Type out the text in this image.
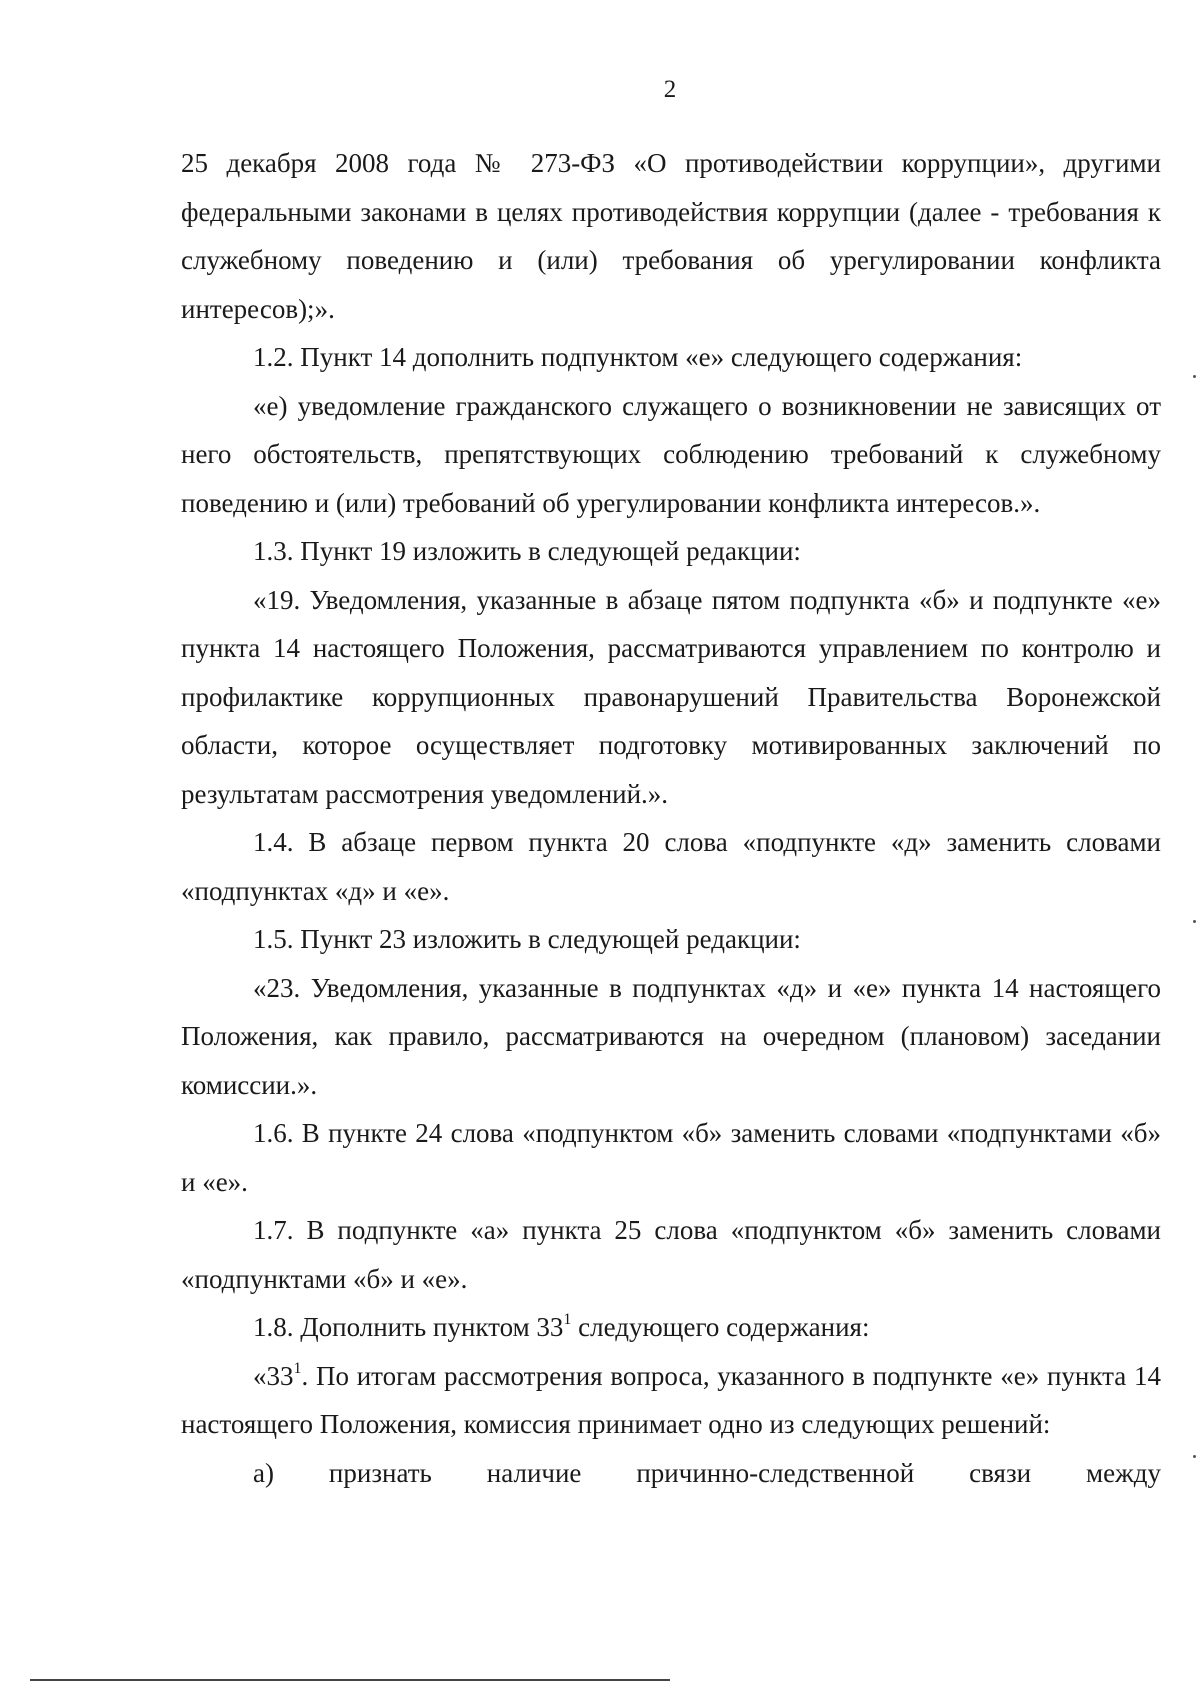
2

25 декабря 2008 года № 273-ФЗ «О противодействии коррупции», другими федеральными законами в целях противодействия коррупции (далее - требования к служебному поведению и (или) требования об урегулировании конфликта интересов);».

1.2. Пункт 14 дополнить подпунктом «е» следующего содержания:

«е) уведомление гражданского служащего о возникновении не зависящих от него обстоятельств, препятствующих соблюдению требований к служебному поведению и (или) требований об урегулировании конфликта интересов.».

1.3. Пункт 19 изложить в следующей редакции:

«19. Уведомления, указанные в абзаце пятом подпункта «б» и подпункте «е» пункта 14 настоящего Положения, рассматриваются управлением по контролю и профилактике коррупционных правонарушений Правительства Воронежской области, которое осуществляет подготовку мотивированных заключений по результатам рассмотрения уведомлений.».

1.4. В абзаце первом пункта 20 слова «подпункте «д» заменить словами «подпунктах «д» и «е».

1.5. Пункт 23 изложить в следующей редакции:

«23. Уведомления, указанные в подпунктах «д» и «е» пункта 14 настоящего Положения, как правило, рассматриваются на очередном (плановом) заседании комиссии.».

1.6. В пункте 24 слова «подпунктом «б» заменить словами «подпунктами «б» и «е».

1.7. В подпункте «а» пункта 25 слова «подпунктом «б» заменить словами «подпунктами «б» и «е».

1.8. Дополнить пунктом $33^1$ следующего содержания:

«$33^1$. По итогам рассмотрения вопроса, указанного в подпункте «е» пункта 14 настоящего Положения, комиссия принимает одно из следующих решений:

а) признать наличие причинно-следственной связи между
